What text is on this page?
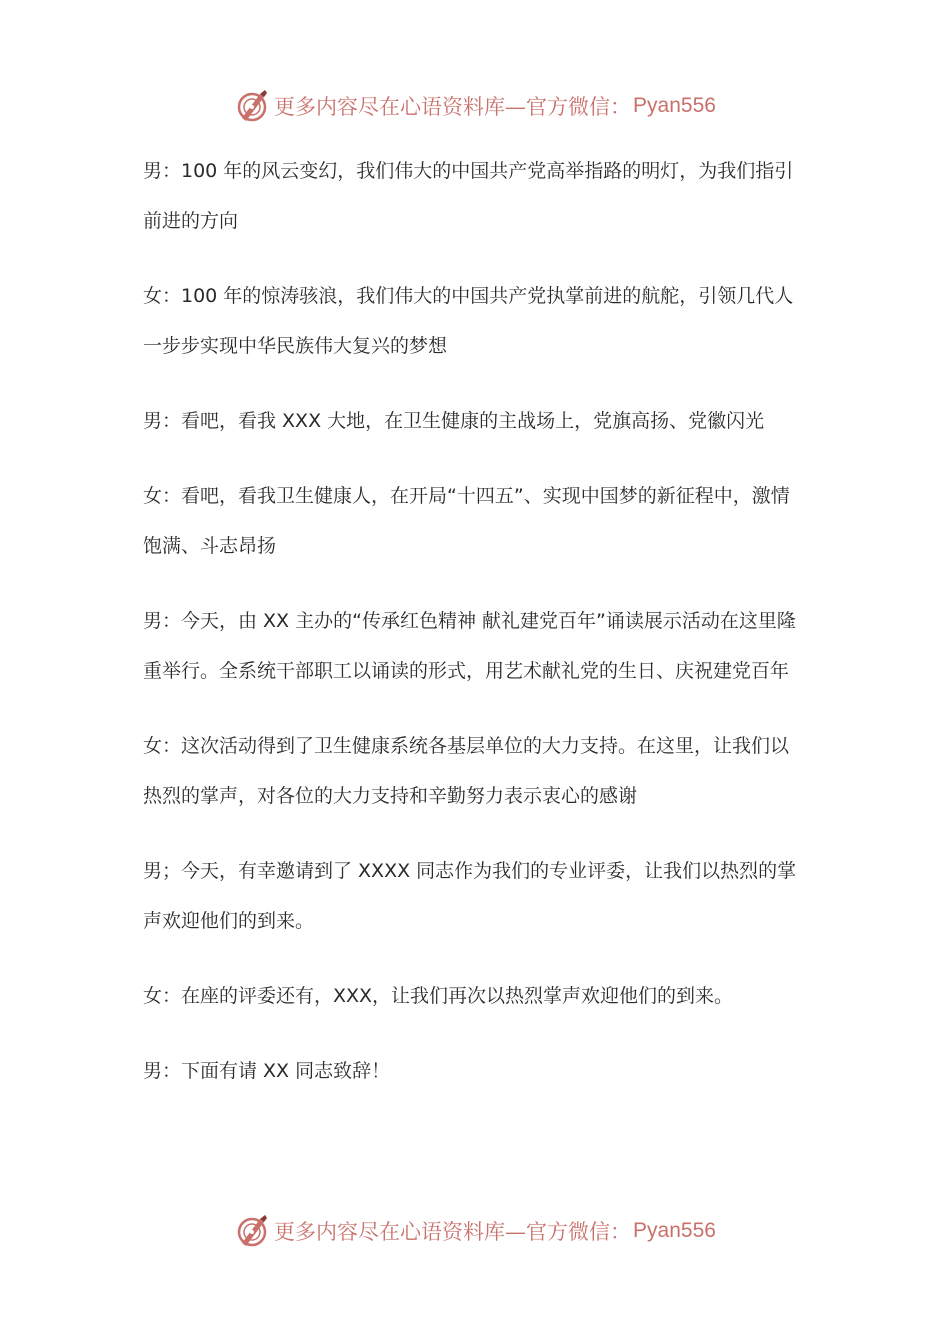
更多内容尽在心语资料库—官方微信： Pyan556

男：100 年的风云变幻，我们伟大的中国共产党高举指路的明灯，为我们指引前进的方向

女：100 年的惊涛骇浪，我们伟大的中国共产党执掌前进的航舵，引领几代人一步步实现中华民族伟大复兴的梦想

男：看吧，看我 XXX 大地，在卫生健康的主战场上，党旗高扬、党徽闪光

女：看吧，看我卫生健康人，在开局“十四五”、实现中国梦的新征程中，激情饱满、斗志昂扬

男：今天，由 XX 主办的“传承红色精神 献礼建党百年”诵读展示活动在这里隆重举行。全系统干部职工以诵读的形式，用艺术献礼党的生日、庆祝建党百年

女：这次活动得到了卫生健康系统各基层单位的大力支持。在这里，让我们以热烈的掌声，对各位的大力支持和辛勤努力表示衷心的感谢

男；今天，有幸邀请到了 XXXX 同志作为我们的专业评委，让我们以热烈的掌声欢迎他们的到来。

女：在座的评委还有，XXX，让我们再次以热烈掌声欢迎他们的到来。

男：下面有请 XX 同志致辞！

更多内容尽在心语资料库—官方微信： Pyan556
